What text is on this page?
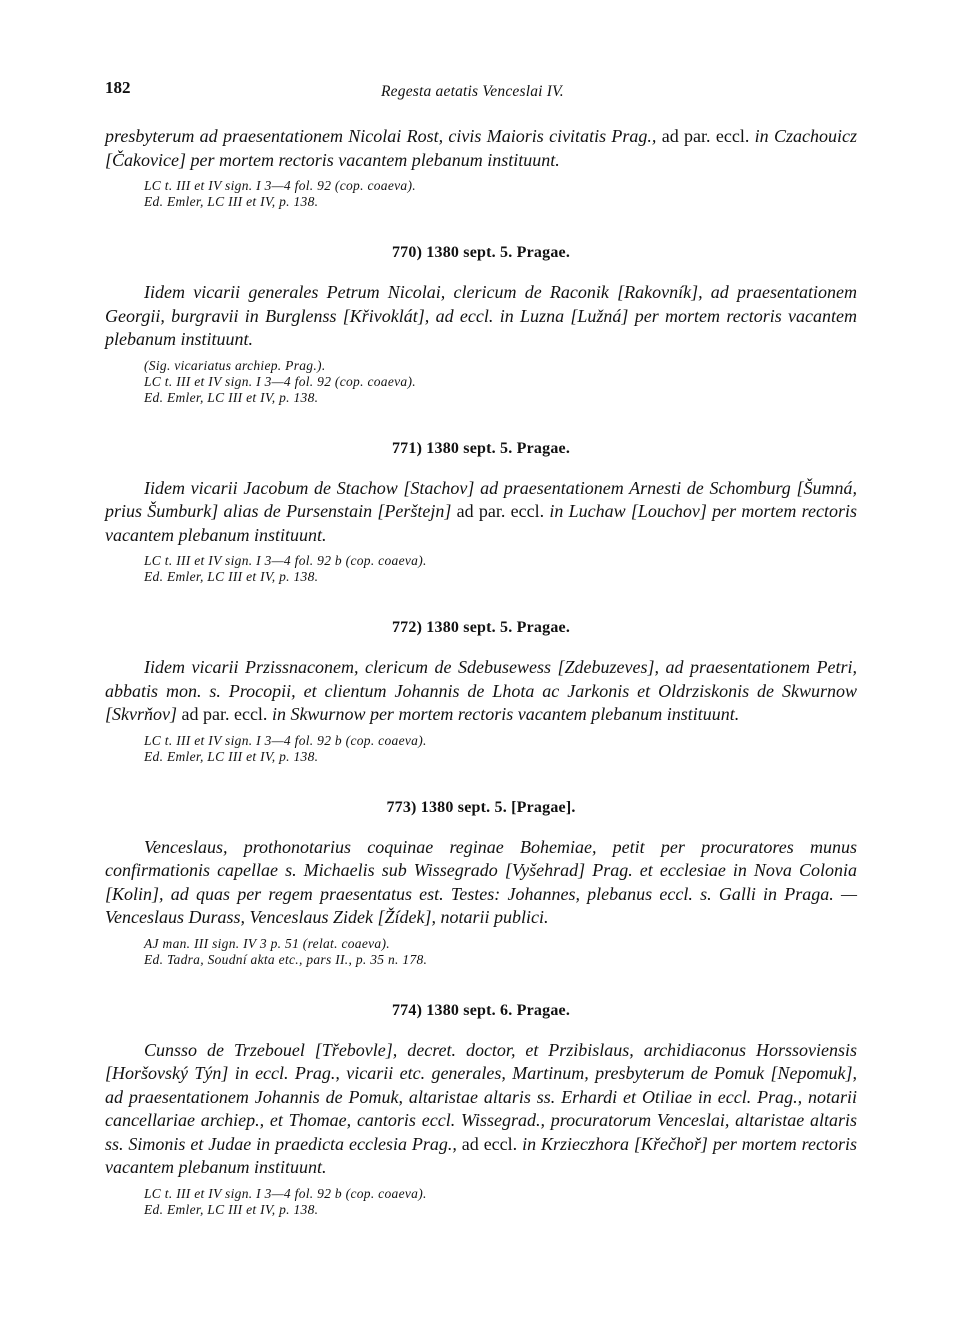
182	Regesta aetatis Venceslai IV.

presbyterum ad praesentationem Nicolai Rost, civis Maioris civitatis Prag., ad par. eccl. in Czachouicz [Čakovice] per mortem rectoris vacantem plebanum instituunt.

LC t. III et IV sign. I 3—4 fol. 92 (cop. coaeva).
Ed. Emler, LC III et IV, p. 138.
770) 1380 sept. 5. Pragae.

Iidem vicarii generales Petrum Nicolai, clericum de Raconik [Rakovník], ad praesentationem Georgii, burgravii in Burglenss [Křivoklát], ad eccl. in Luzna [Lužná] per mortem rectoris vacantem plebanum instituunt.

(Sig. vicariatus archiep. Prag.).
LC t. III et IV sign. I 3—4 fol. 92 (cop. coaeva).
Ed. Emler, LC III et IV, p. 138.
771) 1380 sept. 5. Pragae.

Iidem vicarii Jacobum de Stachow [Stachov] ad praesentationem Arnesti de Schomburg [Šumná, prius Šumburk] alias de Pursenstain [Perštejn] ad par. eccl. in Luchaw [Louchov] per mortem rectoris vacantem plebanum instituunt.

LC t. III et IV sign. I 3—4 fol. 92 b (cop. coaeva).
Ed. Emler, LC III et IV, p. 138.
772) 1380 sept. 5. Pragae.

Iidem vicarii Przissnaconem, clericum de Sdebusewess [Zdebuzeves], ad praesentationem Petri, abbatis mon. s. Procopii, et clientum Johannis de Lhota ac Jarkonis et Oldrziskonis de Skwurnow [Skvrňov] ad par. eccl. in Skwurnow per mortem rectoris vacantem plebanum instituunt.

LC t. III et IV sign. I 3—4 fol. 92 b (cop. coaeva).
Ed. Emler, LC III et IV, p. 138.
773) 1380 sept. 5. [Pragae].

Venceslaus, prothonotarius coquinae reginae Bohemiae, petit per procuratores munus confirmationis capellae s. Michaelis sub Wissegrado [Vyšehrad] Prag. et ecclesiae in Nova Colonia [Kolin], ad quas per regem praesentatus est. Testes: Johannes, plebanus eccl. s. Galli in Praga. — Venceslaus Durass, Venceslaus Zidek [Žídek], notarii publici.

AJ man. III sign. IV 3 p. 51 (relat. coaeva).
Ed. Tadra, Soudní akta etc., pars II., p. 35 n. 178.
774) 1380 sept. 6. Pragae.

Cunsso de Trzebouel [Třebovle], decret. doctor, et Przibislaus, archidiaconus Horssoviensis [Horšovský Týn] in eccl. Prag., vicarii etc. generales, Martinum, presbyterum de Pomuk [Nepomuk], ad praesentationem Johannis de Pomuk, altaristae altaris ss. Erhardi et Otiliae in eccl. Prag., notarii cancellariae archiep., et Thomae, cantoris eccl. Wissegrad., procuratorum Venceslai, altaristae altaris ss. Simonis et Judae in praedicta ecclesia Prag., ad eccl. in Krzieczhora [Křečhoř] per mortem rectoris vacantem plebanum instituunt.

LC t. III et IV sign. I 3—4 fol. 92 b (cop. coaeva).
Ed. Emler, LC III et IV, p. 138.
